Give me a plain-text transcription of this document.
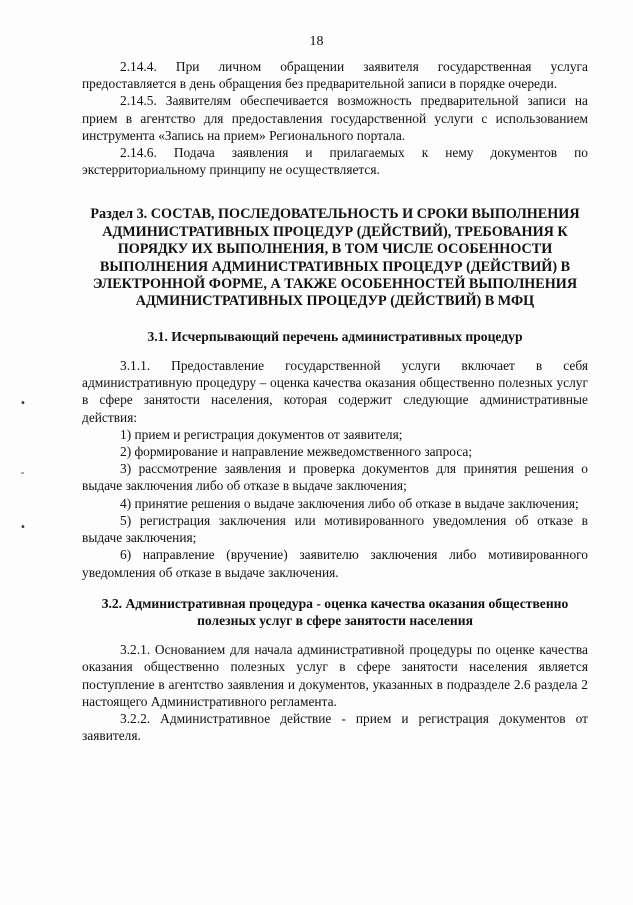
18

2.14.4. При личном обращении заявителя государственная услуга предоставляется в день обращения без предварительной записи в порядке очереди.

2.14.5. Заявителям обеспечивается возможность предварительной записи на прием в агентство для предоставления государственной услуги с использованием инструмента «Запись на прием» Регионального портала.

2.14.6. Подача заявления и прилагаемых к нему документов по экстерриториальному принципу не осуществляется.

Раздел 3. СОСТАВ, ПОСЛЕДОВАТЕЛЬНОСТЬ И СРОКИ ВЫПОЛНЕНИЯ АДМИНИСТРАТИВНЫХ ПРОЦЕДУР (ДЕЙСТВИЙ), ТРЕБОВАНИЯ К ПОРЯДКУ ИХ ВЫПОЛНЕНИЯ, В ТОМ ЧИСЛЕ ОСОБЕННОСТИ ВЫПОЛНЕНИЯ АДМИНИСТРАТИВНЫХ ПРОЦЕДУР (ДЕЙСТВИЙ) В ЭЛЕКТРОННОЙ ФОРМЕ, А ТАКЖЕ ОСОБЕННОСТЕЙ ВЫПОЛНЕНИЯ АДМИНИСТРАТИВНЫХ ПРОЦЕДУР (ДЕЙСТВИЙ) В МФЦ
3.1. Исчерпывающий перечень административных процедур

3.1.1. Предоставление государственной услуги включает в себя административную процедуру – оценка качества оказания общественно полезных услуг в сфере занятости населения, которая содержит следующие административные действия:

1) прием и регистрация документов от заявителя;

2) формирование и направление межведомственного запроса;

3) рассмотрение заявления и проверка документов для принятия решения о выдаче заключения либо об отказе в выдаче заключения;

4) принятие решения о выдаче заключения либо об отказе в выдаче заключения;

5) регистрация заключения или мотивированного уведомления об отказе в выдаче заключения;

6) направление (вручение) заявителю заключения либо мотивированного уведомления об отказе в выдаче заключения.

3.2. Административная процедура - оценка качества оказания общественно полезных услуг в сфере занятости населения

3.2.1. Основанием для начала административной процедуры по оценке качества оказания общественно полезных услуг в сфере занятости населения является поступление в агентство заявления и документов, указанных в подразделе 2.6 раздела 2 настоящего Административного регламента.

3.2.2. Административное действие - прием и регистрация документов от заявителя.

•
ˇ
•
